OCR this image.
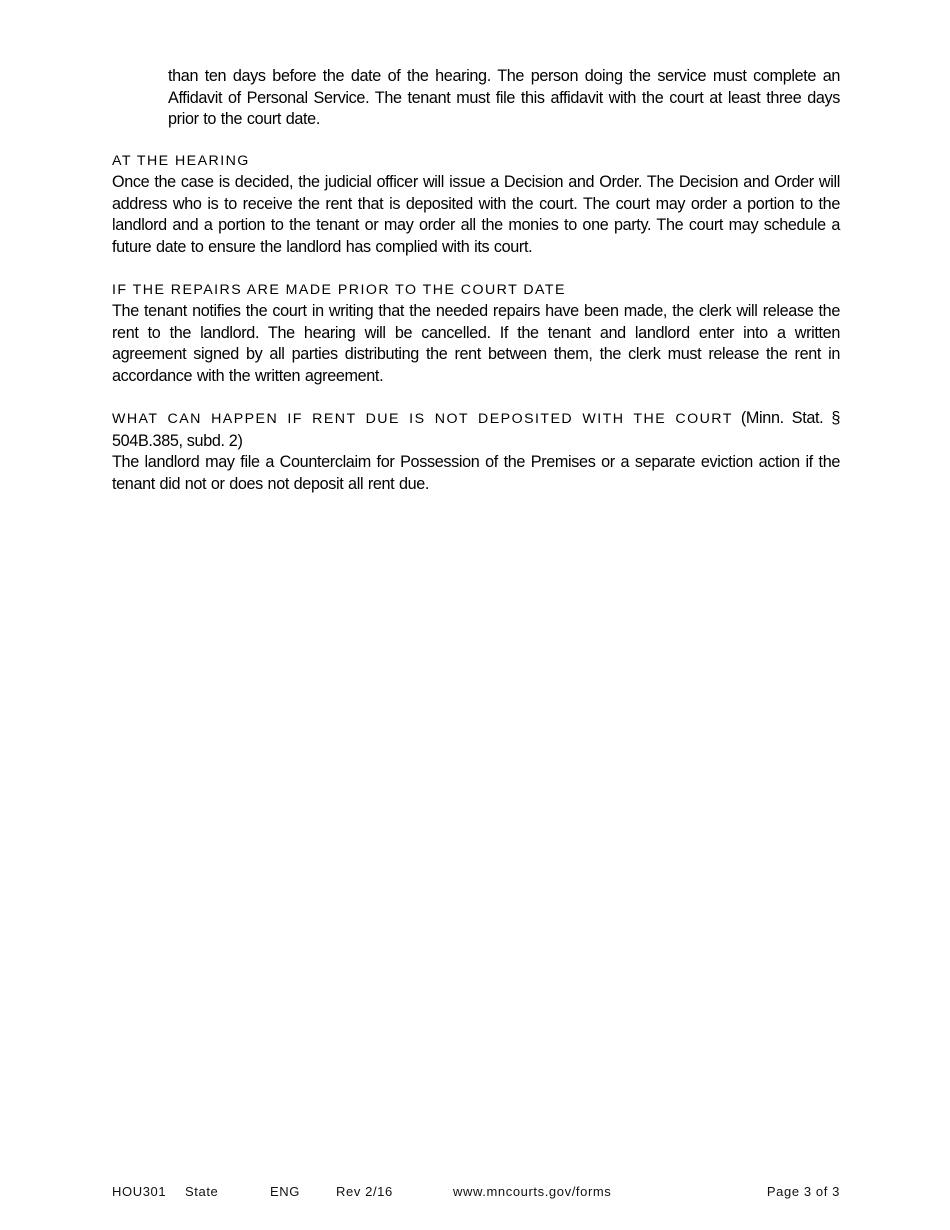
than ten days before the date of the hearing. The person doing the service must complete an Affidavit of Personal Service. The tenant must file this affidavit with the court at least three days prior to the court date.
AT THE HEARING
Once the case is decided, the judicial officer will issue a Decision and Order. The Decision and Order will address who is to receive the rent that is deposited with the court. The court may order a portion to the landlord and a portion to the tenant or may order all the monies to one party. The court may schedule a future date to ensure the landlord has complied with its court.
IF THE REPAIRS ARE MADE PRIOR TO THE COURT DATE
The tenant notifies the court in writing that the needed repairs have been made, the clerk will release the rent to the landlord. The hearing will be cancelled. If the tenant and landlord enter into a written agreement signed by all parties distributing the rent between them, the clerk must release the rent in accordance with the written agreement.
WHAT CAN HAPPEN IF RENT DUE IS NOT DEPOSITED WITH THE COURT (Minn. Stat. § 504B.385, subd. 2)
The landlord may file a Counterclaim for Possession of the Premises or a separate eviction action if the tenant did not or does not deposit all rent due.
HOU301 State	ENG	Rev 2/16	www.mncourts.gov/forms	Page 3 of 3
